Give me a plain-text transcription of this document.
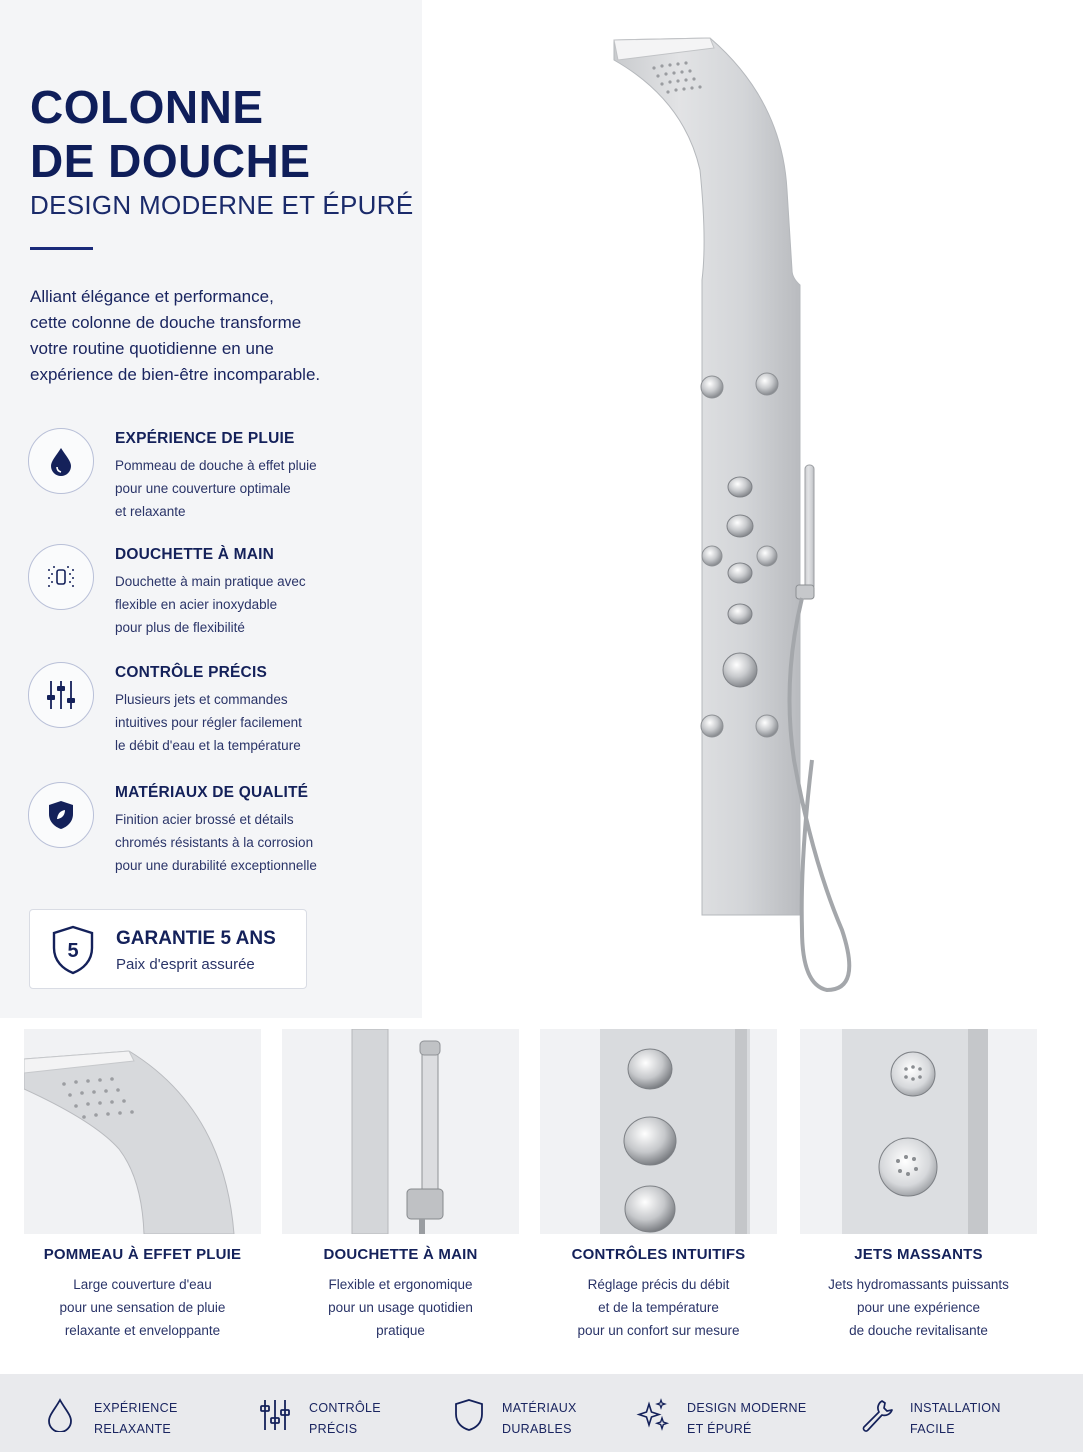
COLONNE
DE DOUCHE
DESIGN MODERNE ET ÉPURÉ
Alliant élégance et performance,
cette colonne de douche transforme
votre routine quotidienne en une
expérience de bien-être incomparable.
EXPÉRIENCE DE PLUIE
Pommeau de douche à effet pluie
pour une couverture optimale
et relaxante
DOUCHETTE À MAIN
Douchette à main pratique avec
flexible en acier inoxydable
pour plus de flexibilité
CONTRÔLE PRÉCIS
Plusieurs jets et commandes
intuitives pour régler facilement
le débit d'eau et la température
MATÉRIAUX DE QUALITÉ
Finition acier brossé et détails
chromés résistants à la corrosion
pour une durabilité exceptionnelle
5
GARANTIE 5 ANS
Paix d'esprit assurée
POMMEAU À EFFET PLUIE
Large couverture d'eau
pour une sensation de pluie
relaxante et enveloppante
DOUCHETTE À MAIN
Flexible et ergonomique
pour un usage quotidien
pratique
CONTRÔLES INTUITIFS
Réglage précis du débit
et de la température
pour un confort sur mesure
JETS MASSANTS
Jets hydromassants puissants
pour une expérience
de douche revitalisante
EXPÉRIENCE
RELAXANTE
CONTRÔLE
PRÉCIS
MATÉRIAUX
DURABLES
DESIGN MODERNE
ET ÉPURÉ
INSTALLATION
FACILE
